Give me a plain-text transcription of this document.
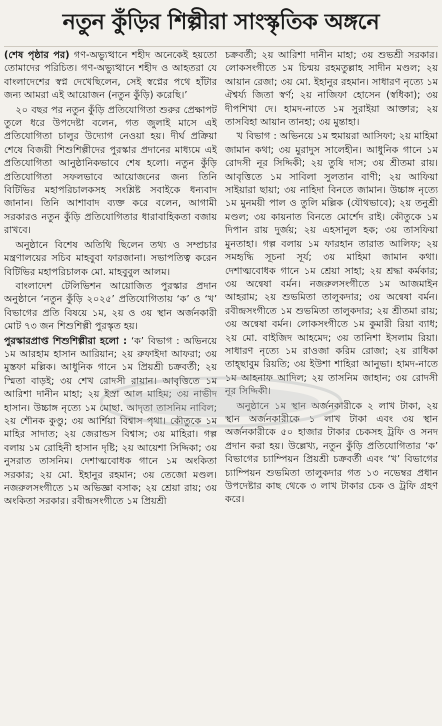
নতুন কুঁড়ির শিল্পীরা সাংস্কৃতিক অঙ্গনে

(শেষ পৃষ্ঠার পর) গণ-অভ্যুত্থানে শহীদ অনেকেই হয়তো তোমাদের পরিচিত। গণ-অভ্যুত্থানে শহীদ ও আহতরা যে বাংলাদেশের স্বপ্ন দেখেছিলেন, সেই স্বপ্নের পথে হাঁটার জন্য আমরা এই আয়োজন (নতুন কুঁড়ি) করেছি।’

২০ বছর পর নতুন কুঁড়ি প্রতিযোগিতা শুরুর প্রেক্ষাপট তুলে ধরে উপদেষ্টা বলেন, গত জুলাই মাসে এই প্রতিযোগিতা চালুর উদ্যোগ নেওয়া হয়। দীর্ঘ প্রক্রিয়া শেষে বিজয়ী শিশুশিল্পীদের পুরস্কার প্রদানের মাধ্যমে এই প্রতিযোগিতা আনুষ্ঠানিকভাবে শেষ হলো। নতুন কুঁড়ি প্রতিযোগিতা সফলভাবে আয়োজনের জন্য তিনি বিটিভির মহাপরিচালকসহ সংশ্লিষ্ট সবাইকে ধন্যবাদ জানান। তিনি আশাবাদ ব্যক্ত করে বলেন, আগামী সরকারও নতুন কুঁড়ি প্রতিযোগিতার ধারাবাহিকতা বজায় রাখবে।

অনুষ্ঠানে বিশেষ অতিথি ছিলেন তথ্য ও সম্প্রচার মন্ত্রণালয়ের সচিব মাহবুবা ফারজানা। সভাপতিত্ব করেন বিটিভির মহাপরিচালক মো. মাহবুবুল আলম।

বাংলাদেশ টেলিভিশন আয়োজিত পুরস্কার প্রদান অনুষ্ঠানে ‘নতুন কুঁড়ি ২০২৫’ প্রতিযোগিতায় ‘ক’ ও ‘খ’ বিভাগের প্রতি বিষয়ে ১ম, ২য় ও ৩য় স্থান অর্জনকারী মোট ৭৩ জন শিশুশিল্পী পুরস্কৃত হয়।

পুরস্কারপ্রাপ্ত শিশুশিল্পীরা হলো : ‘ক’ বিভাগ : অভিনয়ে ১ম আরহাম হাসান আরিয়ান; ২য় রুফাইদা আফরা; ৩য় মুস্তফা মল্লিক। আধুনিক গানে ১ম প্রিয়শ্রী চক্রবর্তী; ২য় স্মিতা বাড়ই; ৩য় শেখ রোদসী রায়ান। আবৃত্তিতে ১ম আরিশা দানীন মাহা; ২য় ইস্রা আল মাহিম; ৩য় নাভীদ হাসান। উচ্চাঙ্গ নৃত্যে ১ম মোছা. আদৃতা তাসনিম নাবিল; ২য় শৌনক কুণ্ডু; ৩য় আর্শিয়া বিশ্বাস পৃথা। কৌতুকে ১ম মাহির সাদাত; ২য় জেরান্ডস বিশ্বাস; ৩য় মাহিরা। গল্প বলায় ১ম রোহিনী হাসান দৃষ্টি; ২য় আয়েশা সিদ্দিকা; ৩য় নুসরাত তাসনিম। দেশাত্মবোধক গানে ১ম অংকিতা সরকার; ২য় মো. ইহানুর রহমান; ৩য় তেজো মণ্ডল। নজরুলসংগীতে ১ম অভিজ্ঞা বসাক; ২য় শ্রেয়া রায়; ৩য় অংকিতা সরকার। রবীন্দ্রসংগীতে ১ম প্রিয়শ্রী

চক্রবর্তী; ২য় আরিশা দানীন মাহা; ৩য় শুভশ্রী সরকার। লোকসংগীতে ১ম চিন্ময় রহমতুল্লাহ সাদীন মণ্ডল; ২য় আয়ান রেজা; ৩য় মো. ইহানুর রহমান। সাধারণ নৃত্যে ১ম ঐশ্বর্য্য জিতা স্বর্ণ; ২য় নাজিফা হোসেন (স্বধিকা); ৩য় দীপশিখা দে। হামদ-নাতে ১ম সুরাইয়া আক্তার; ২য় তাসবিহা আয়ান তানহা; ৩য় মুন্তাহা।

খ বিভাগ : অভিনয়ে ১ম হুমায়রা আসিফা; ২য় মাহিমা জামান কথা; ৩য় মুরাদুস সালেহীন। আধুনিক গানে ১ম রোদসী নূর সিদ্দিকী; ২য় তুষি দাস; ৩য় শ্রীতমা রায়। আবৃত্তিতে ১ম সাবিলা সুলতান বাণী; ২য় আফিয়া সাইয়ারা ছায়া; ৩য় নাহিদা বিনতে জামান। উচ্চাঙ্গ নৃত্যে ১ম মুনময়ী পাল ও তুলি মল্লিক (যৌথভাবে); ২য় তনুশ্রী মণ্ডল; ৩য় কায়নাত বিনতে মোর্শেদ রাই। কৌতুকে ১ম দিপান রায় দুর্জয়; ২য় এহসানুল হক; ৩য় তাসফিয়া মুনতাহা। গল্প বলায় ১ম ফারহান তারাত আলিফ; ২য় সমহৃদ্ধি সূচনা সূর্য; ৩য় মাহিমা জামান কথা। দেশাত্মবোধক গানে ১ম শ্রেয়া সাহা; ২য় শ্রদ্ধা কর্মকার; ৩য় অন্বেষা বর্মন। নজরুলসংগীতে ১ম আজমাইন আহরাম; ২য় শুভমিতা তালুকদার; ৩য় অন্বেষা বর্মন। রবীন্দ্রসংগীতে ১ম শুভমিতা তালুকদার; ২য় শ্রীতমা রায়; ৩য় অন্বেষা বর্মন। লোকসংগীতে ১ম কুমারী রিয়া ব্যাধ; ২য় মো. বাইজিদ আহমেদ; ৩য় তানিশা ইসলাম রিয়া। সাধারণ নৃত্যে ১ম রাওজা করিম রোজা; ২য় রাধিকা তাহ্ছাবুম রিয়তি; ৩য় ইউশা শাহিরা আনুভা। হামদ-নাতে ১ম আহনাফ আদিল; ২য় তাসনিম জাহান; ৩য় রোদসী নূর সিদ্দিকী।

অনুষ্ঠানে ১ম স্থান অর্জনকারীকে ২ লাখ টাকা, ২য় স্থান অর্জনকারীকে ১ লাখ টাকা এবং ৩য় স্থান অর্জনকারীকে ৫০ হাজার টাকার চেকসহ ট্রফি ও সনদ প্রদান করা হয়। উল্লেখ্য, নতুন কুঁড়ি প্রতিযোগিতার ‘ক’ বিভাগের চ্যাম্পিয়ন প্রিয়শ্রী চক্রবর্তী এবং ‘খ’ বিভাগের চ্যাম্পিয়ন শুভমিতা তালুকদার গত ১৩ নভেম্বর প্রধান উপদেষ্টার কাছ থেকে ৩ লাখ টাকার চেক ও ট্রফি গ্রহণ করে।
